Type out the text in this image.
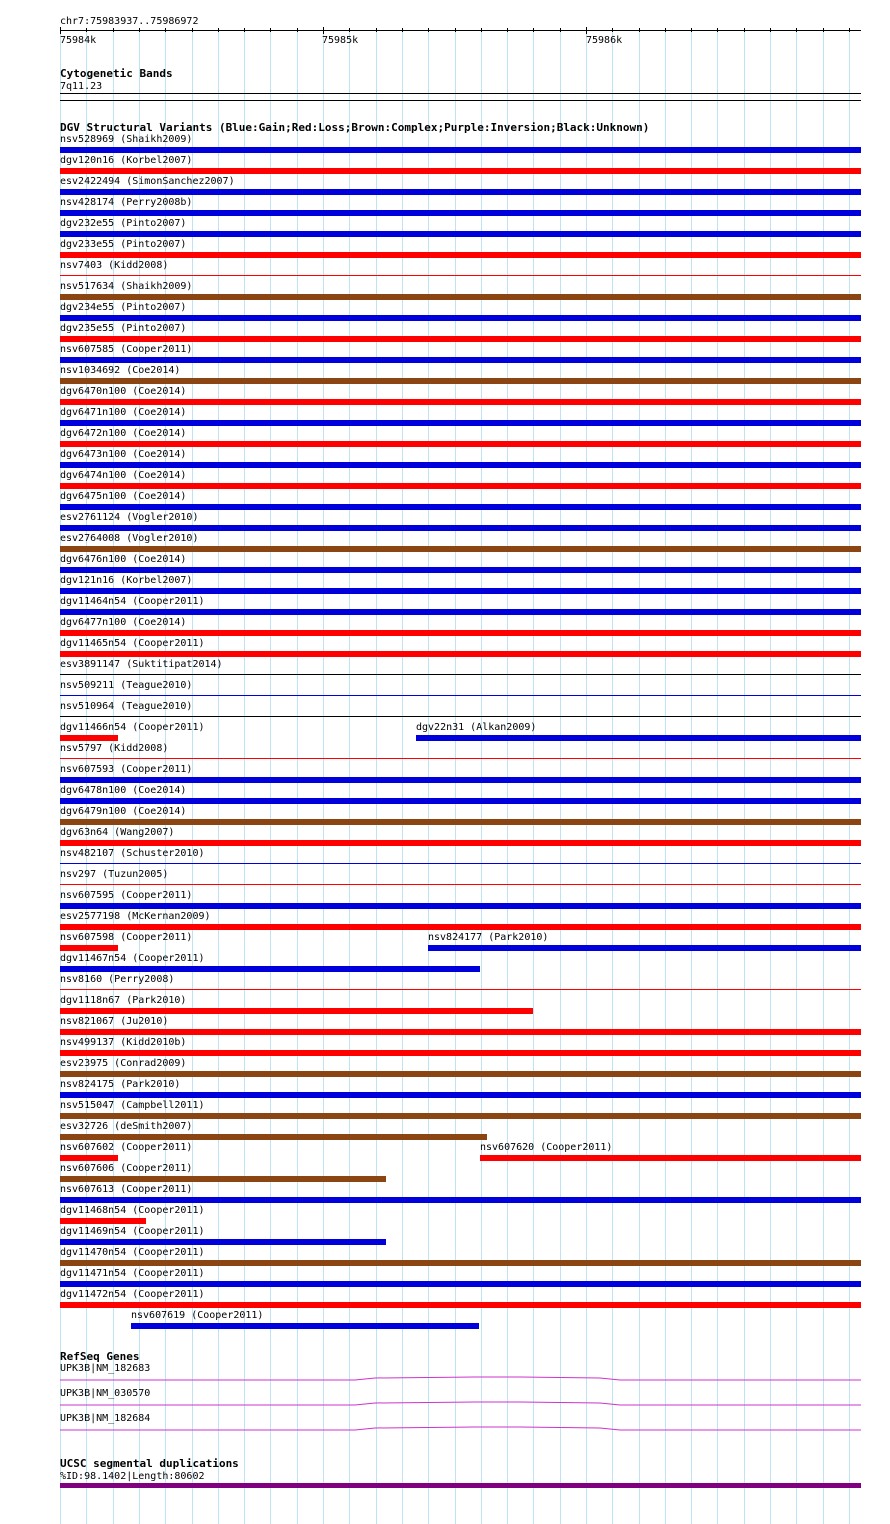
chr7:75983937..75986972
75984k	75985k	75986k
Cytogenetic Bands
7q11.23
DGV Structural Variants (Blue:Gain;Red:Loss;Brown:Complex;Purple:Inversion;Black:Unknown)
nsv528969 (Shaikh2009)
dgv120n16 (Korbel2007)
esv2422494 (SimonSanchez2007)
nsv428174 (Perry2008b)
dgv232e55 (Pinto2007)
dgv233e55 (Pinto2007)
nsv7403 (Kidd2008)
nsv517634 (Shaikh2009)
dgv234e55 (Pinto2007)
dgv235e55 (Pinto2007)
nsv607585 (Cooper2011)
nsv1034692 (Coe2014)
dgv6470n100 (Coe2014)
dgv6471n100 (Coe2014)
dgv6472n100 (Coe2014)
dgv6473n100 (Coe2014)
dgv6474n100 (Coe2014)
dgv6475n100 (Coe2014)
esv2761124 (Vogler2010)
esv2764008 (Vogler2010)
dgv6476n100 (Coe2014)
dgv121n16 (Korbel2007)
dgv11464n54 (Cooper2011)
dgv6477n100 (Coe2014)
dgv11465n54 (Cooper2011)
esv3891147 (Suktitipat2014)
nsv509211 (Teague2010)
nsv510964 (Teague2010)
dgv11466n54 (Cooper2011)	dgv22n31 (Alkan2009)
nsv5797 (Kidd2008)
nsv607593 (Cooper2011)
dgv6478n100 (Coe2014)
dgv6479n100 (Coe2014)
dgv63n64 (Wang2007)
nsv482107 (Schuster2010)
nsv297 (Tuzun2005)
nsv607595 (Cooper2011)
esv2577198 (McKernan2009)
nsv607598 (Cooper2011)	nsv824177 (Park2010)
dgv11467n54 (Cooper2011)
nsv8160 (Perry2008)
dgv1118n67 (Park2010)
nsv821067 (Ju2010)
nsv499137 (Kidd2010b)
esv23975 (Conrad2009)
nsv824175 (Park2010)
nsv515047 (Campbell2011)
esv32726 (deSmith2007)
nsv607602 (Cooper2011)	nsv607620 (Cooper2011)
nsv607606 (Cooper2011)
nsv607613 (Cooper2011)
dgv11468n54 (Cooper2011)
dgv11469n54 (Cooper2011)
dgv11470n54 (Cooper2011)
dgv11471n54 (Cooper2011)
dgv11472n54 (Cooper2011)
nsv607619 (Cooper2011)
RefSeq Genes
UPK3B|NM_182683
UPK3B|NM_030570
UPK3B|NM_182684
UCSC segmental duplications
%ID:98.1402|Length:80602
